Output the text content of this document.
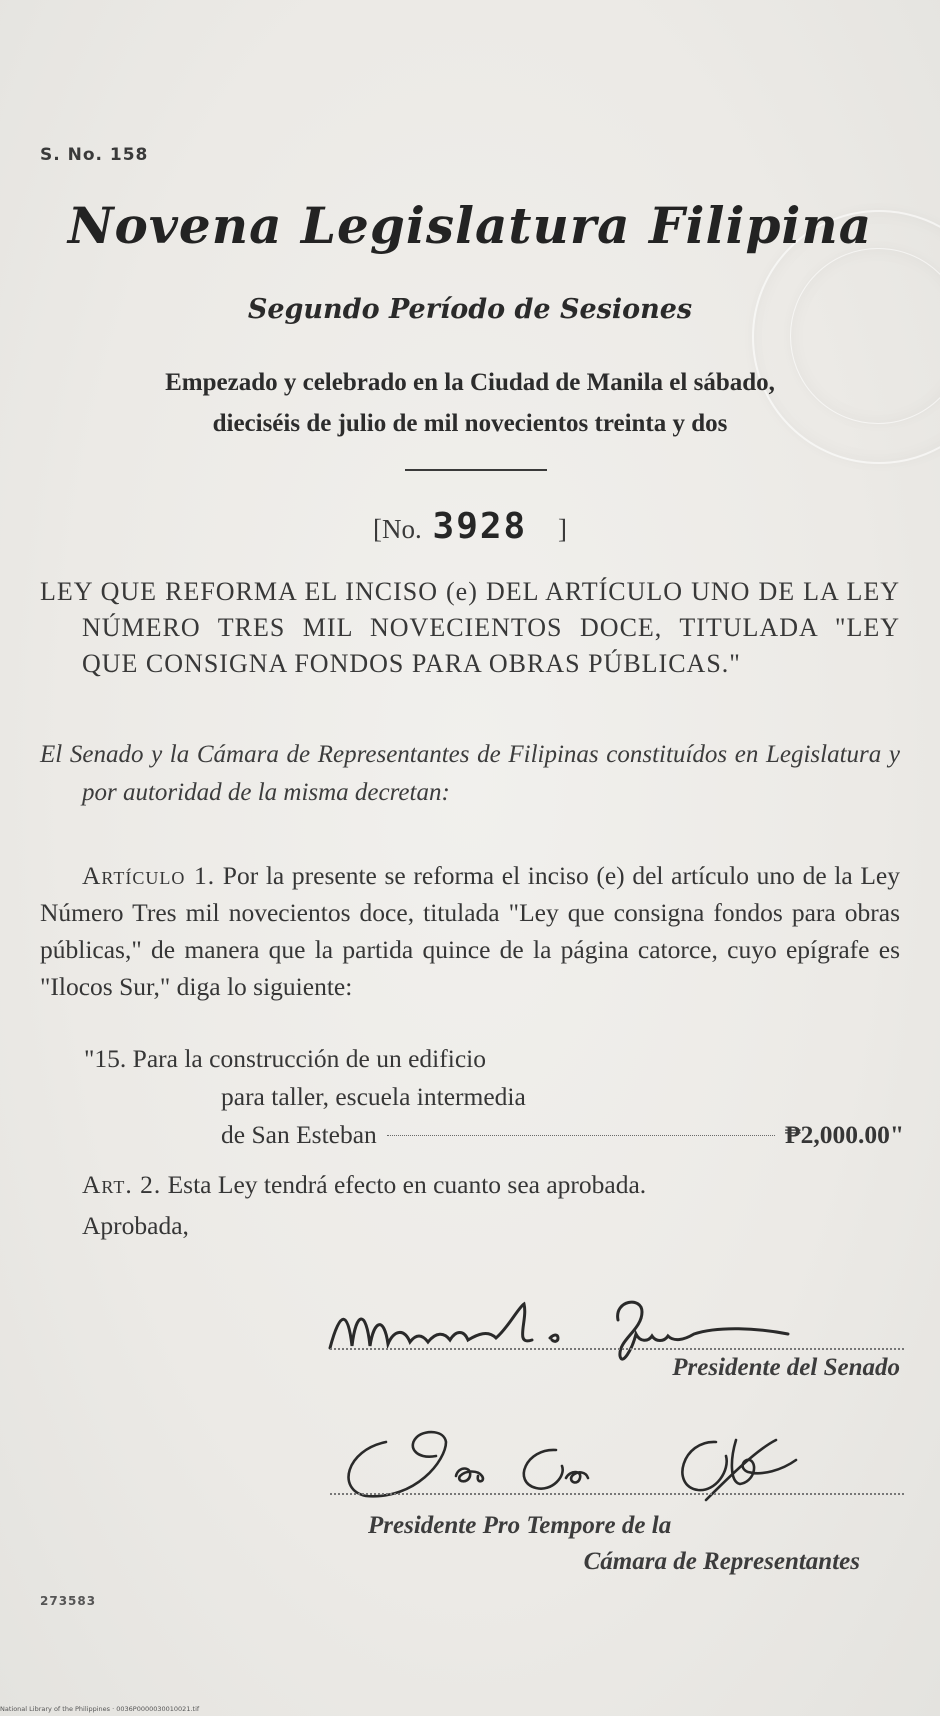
S. No. 158
Novena Legislatura Filipina
Segundo Período de Sesiones
Empezado y celebrado en la Ciudad de Manila el sábado,
dieciséis de julio de mil novecientos treinta y dos
[No. 3928 ]
LEY QUE REFORMA EL INCISO (e) DEL ARTÍCULO UNO DE LA LEY NÚMERO TRES MIL NOVECIENTOS DOCE, TITULADA "LEY QUE CONSIGNA FONDOS PARA OBRAS PÚBLICAS."
El Senado y la Cámara de Representantes de Filipinas constituídos en Legislatura y por autoridad de la misma decretan:
Artículo 1. Por la presente se reforma el inciso (e) del artículo uno de la Ley Número Tres mil novecientos doce, titulada "Ley que consigna fondos para obras públicas," de manera que la partida quince de la página catorce, cuyo epígrafe es "Ilocos Sur," diga lo siguiente:
"15. Para la construcción de un edificio
para taller, escuela intermedia
de San Esteban	₱2,000.00"
Art. 2. Esta Ley tendrá efecto en cuanto sea aprobada.
Aprobada,
Presidente del Senado
Presidente Pro Tempore de la
Cámara de Representantes
273583
National Library of the Philippines · 0036P0000030010021.tif
